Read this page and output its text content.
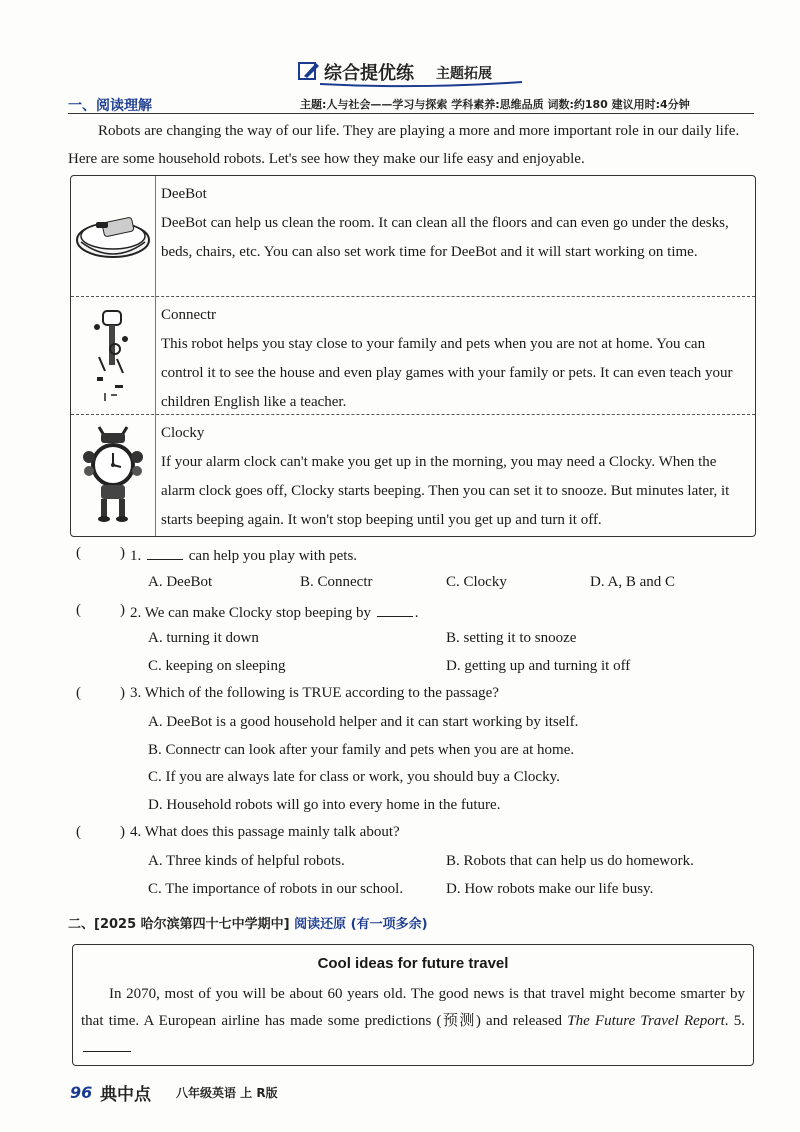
综合提优练 主题拓展
一、阅读理解	主题:人与社会——学习与探索 学科素养:思维品质 词数:约180 建议用时:4分钟
Robots are changing the way of our life. They are playing a more and more important role in our daily life. Here are some household robots. Let's see how they make our life easy and enjoyable.
DeeBot
DeeBot can help us clean the room. It can clean all the floors and can even go under the desks, beds, chairs, etc. You can also set work time for DeeBot and it will start working on time.
Connectr
This robot helps you stay close to your family and pets when you are not at home. You can control it to see the house and even play games with your family or pets. It can even teach your children English like a teacher.
Clocky
If your alarm clock can't make you get up in the morning, you may need a Clocky. When the alarm clock goes off, Clocky starts beeping. Then you can set it to snooze. But minutes later, it starts beeping again. It won't stop beeping until you get up and turn it off.
(	) 1.	can help you play with pets.
A. DeeBot	B. Connectr	C. Clocky	D. A, B and C
(	) 2. We can make Clocky stop beeping by	.
A. turning it down	B. setting it to snooze
C. keeping on sleeping	D. getting up and turning it off
(	) 3. Which of the following is TRUE according to the passage?
A. DeeBot is a good household helper and it can start working by itself.
B. Connectr can look after your family and pets when you are at home.
C. If you are always late for class or work, you should buy a Clocky.
D. Household robots will go into every home in the future.
(	) 4. What does this passage mainly talk about?
A. Three kinds of helpful robots.	B. Robots that can help us do homework.
C. The importance of robots in our school.	D. How robots make our life busy.
二、[2025 哈尔滨第四十七中学期中] 阅读还原 (有一项多余)
Cool ideas for future travel
In 2070, most of you will be about 60 years old. The good news is that travel might become smarter by that time. A European airline has made some predictions (预测) and released The Future Travel Report. 5.
96 典中点 八年级英语 上 R版
